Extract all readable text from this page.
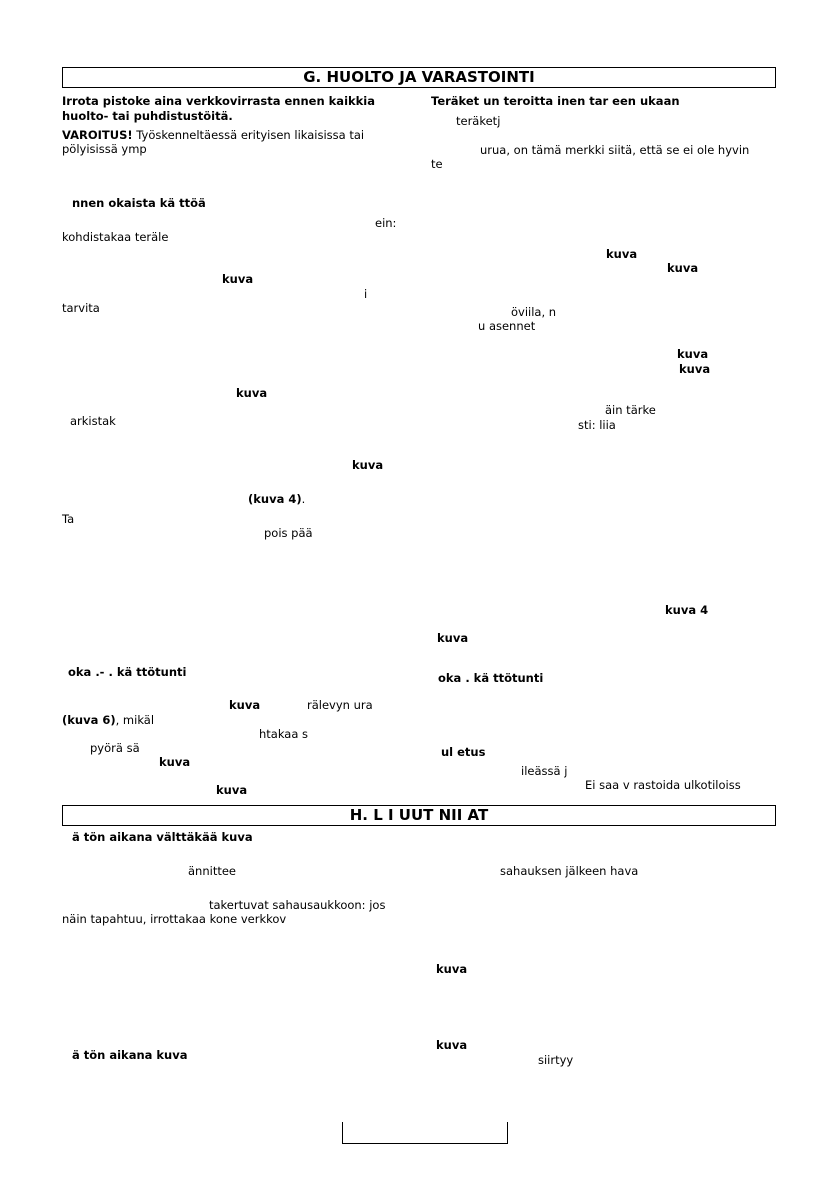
G. HUOLTO JA VARASTOINTI
Irrota pistoke aina verkkovirrasta ennen kaikkia
huolto- tai puhdistustöitä.
VAROITUS! Työskenneltäessä erityisen likaisissa tai
pölyisissä ymp
nnen okaista kä ttöä
ein:
kohdistakaa teräle
kuva
i
tarvita
kuva
arkistak
kuva
(kuva 4).
Ta
pois pää
oka .- . kä ttötunti
kuva	rälevyn ura
(kuva 6), mikäl
htakaa s
pyörä sä
kuva
kuva
Teräket un teroitta inen tar een ukaan
teräketj
urua, on tämä merkki siitä, että se ei ole hyvin
te
kuva
kuva
öviila, n
u asennet
kuva
kuva
äin tärke
sti: liia
kuva 4
kuva
oka . kä ttötunti
ul etus
ileässä j
Ei saa v rastoida ulkotiloiss
H. L I UUT NII AT
ä tön aikana välttäkää kuva
ännittee
takertuvat sahausaukkoon: jos
näin tapahtuu, irrottakaa kone verkkov
ä tön aikana kuva
sahauksen jälkeen hava
kuva
kuva
siirtyy
